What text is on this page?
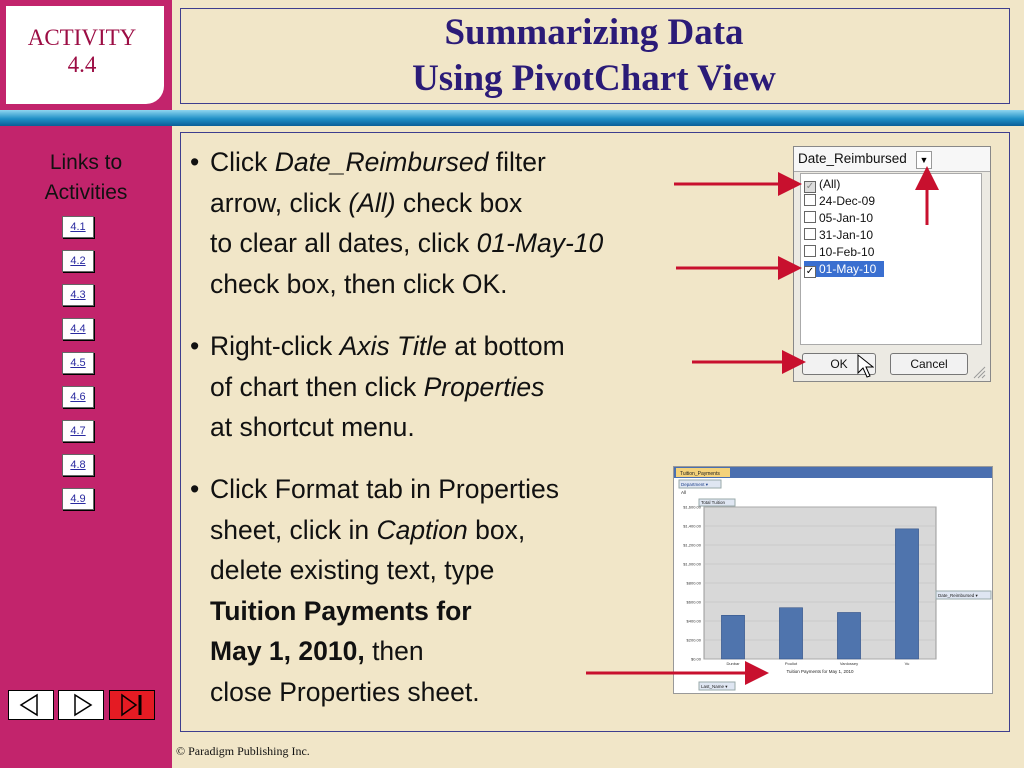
ACTIVITY
4.4
Links to
Activities
4.1
4.2
4.3
4.4
4.5
4.6
4.7
4.8
4.9
Summarizing Data
Using PivotChart View
• Click Date_Reimbursed filter
arrow, click (All) check box
to clear all dates, click 01-May-10
check box, then click OK.
• Right-click Axis Title at bottom
of chart then click Properties
at shortcut menu.
• Click Format tab in Properties
sheet, click in Caption box,
delete existing text, type
Tuition Payments for
May 1, 2010, then
close Properties sheet.
Date_Reimbursed	▼
✓ (All)
24-Dec-09
05-Jan-10
31-Jan-10
10-Feb-10
✓ 01-May-10
OK	Cancel
Tuition_Payments
Department ▾
All
Total Tuition
$0.00
$200.00
$400.00
$600.00
$800.00
$1,000.00
$1,200.00
$1,400.00
$1,600.00
Dunbar	Pouliot	Vanlossey	Vu
Tuition Payments for May 1, 2010
Date_Reimbursed ▾
Last_Name ▾
© Paradigm Publishing Inc.
